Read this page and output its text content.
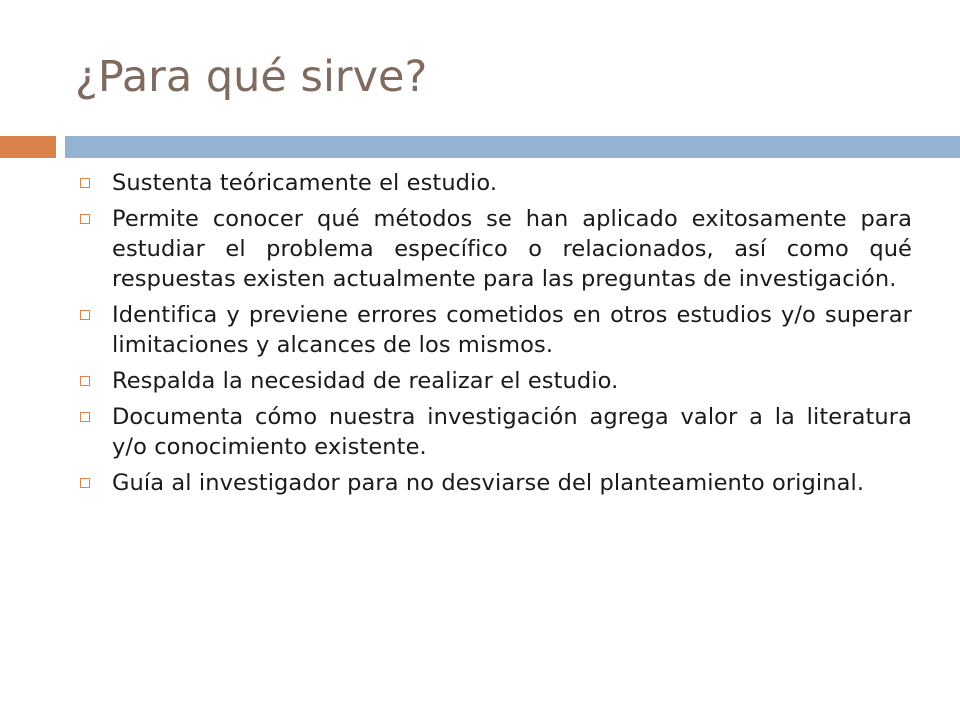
¿Para qué sirve?
Sustenta teóricamente el estudio.
Permite conocer qué métodos se han aplicado exitosamente para estudiar el problema específico o relacionados, así como qué respuestas existen actualmente para las preguntas de investigación.
Identifica y previene errores cometidos en otros estudios y/o superar limitaciones y alcances de los mismos.
Respalda la necesidad de realizar el estudio.
Documenta cómo nuestra investigación agrega valor a la literatura y/o conocimiento existente.
Guía al investigador para no desviarse del planteamiento original.
